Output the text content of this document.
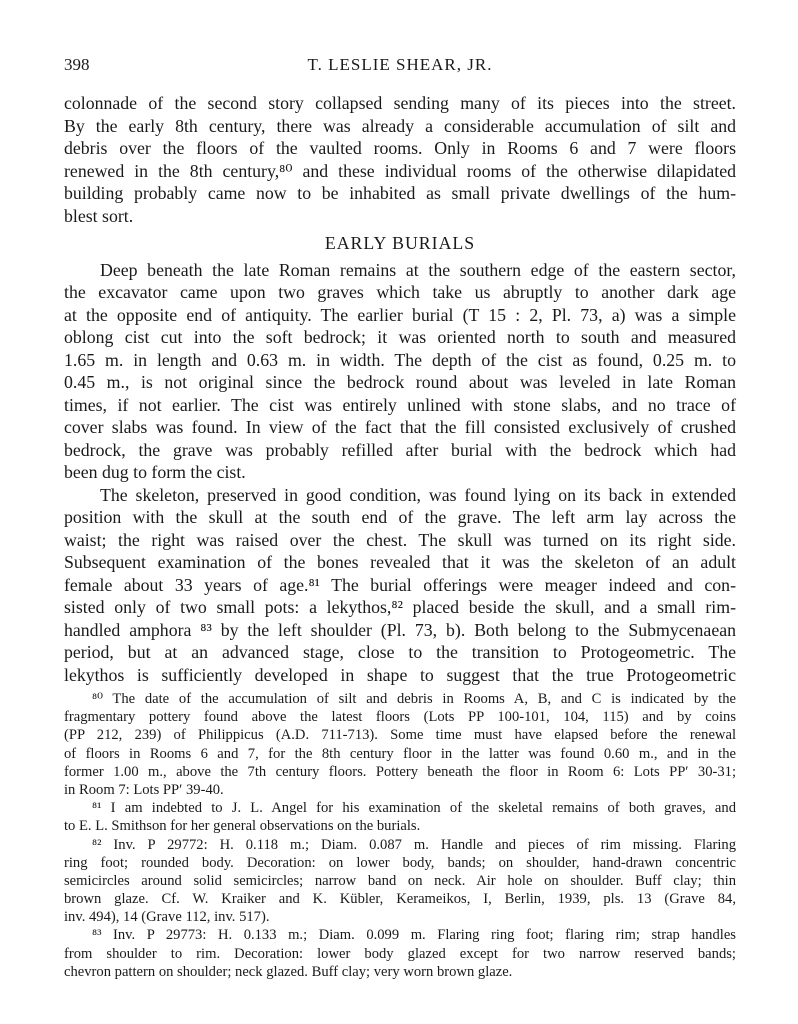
398	T. LESLIE SHEAR, JR.
colonnade of the second story collapsed sending many of its pieces into the street.
By the early 8th century, there was already a considerable accumulation of silt and
debris over the floors of the vaulted rooms. Only in Rooms 6 and 7 were floors
renewed in the 8th century,⁸⁰ and these individual rooms of the otherwise dilapidated
building probably came now to be inhabited as small private dwellings of the hum-
blest sort.
EARLY BURIALS
Deep beneath the late Roman remains at the southern edge of the eastern sector,
the excavator came upon two graves which take us abruptly to another dark age
at the opposite end of antiquity. The earlier burial (T 15 : 2, Pl. 73, a) was a simple
oblong cist cut into the soft bedrock; it was oriented north to south and measured
1.65 m. in length and 0.63 m. in width. The depth of the cist as found, 0.25 m. to
0.45 m., is not original since the bedrock round about was leveled in late Roman
times, if not earlier. The cist was entirely unlined with stone slabs, and no trace of
cover slabs was found. In view of the fact that the fill consisted exclusively of crushed
bedrock, the grave was probably refilled after burial with the bedrock which had
been dug to form the cist.
The skeleton, preserved in good condition, was found lying on its back in extended
position with the skull at the south end of the grave. The left arm lay across the
waist; the right was raised over the chest. The skull was turned on its right side.
Subsequent examination of the bones revealed that it was the skeleton of an adult
female about 33 years of age.⁸¹ The burial offerings were meager indeed and con-
sisted only of two small pots: a lekythos,⁸² placed beside the skull, and a small rim-
handled amphora ⁸³ by the left shoulder (Pl. 73, b). Both belong to the Submycenaean
period, but at an advanced stage, close to the transition to Protogeometric. The
lekythos is sufficiently developed in shape to suggest that the true Protogeometric
⁸⁰ The date of the accumulation of silt and debris in Rooms A, B, and C is indicated by the
fragmentary pottery found above the latest floors (Lots PP 100-101, 104, 115) and by coins
(PP 212, 239) of Philippicus (A.D. 711-713). Some time must have elapsed before the renewal
of floors in Rooms 6 and 7, for the 8th century floor in the latter was found 0.60 m., and in the
former 1.00 m., above the 7th century floors. Pottery beneath the floor in Room 6: Lots PP′ 30-31;
in Room 7: Lots PP′ 39-40.
⁸¹ I am indebted to J. L. Angel for his examination of the skeletal remains of both graves, and
to E. L. Smithson for her general observations on the burials.
⁸² Inv. P 29772: H. 0.118 m.; Diam. 0.087 m. Handle and pieces of rim missing. Flaring
ring foot; rounded body. Decoration: on lower body, bands; on shoulder, hand-drawn concentric
semicircles around solid semicircles; narrow band on neck. Air hole on shoulder. Buff clay; thin
brown glaze. Cf. W. Kraiker and K. Kübler, Kerameikos, I, Berlin, 1939, pls. 13 (Grave 84,
inv. 494), 14 (Grave 112, inv. 517).
⁸³ Inv. P 29773: H. 0.133 m.; Diam. 0.099 m. Flaring ring foot; flaring rim; strap handles
from shoulder to rim. Decoration: lower body glazed except for two narrow reserved bands;
chevron pattern on shoulder; neck glazed. Buff clay; very worn brown glaze.
